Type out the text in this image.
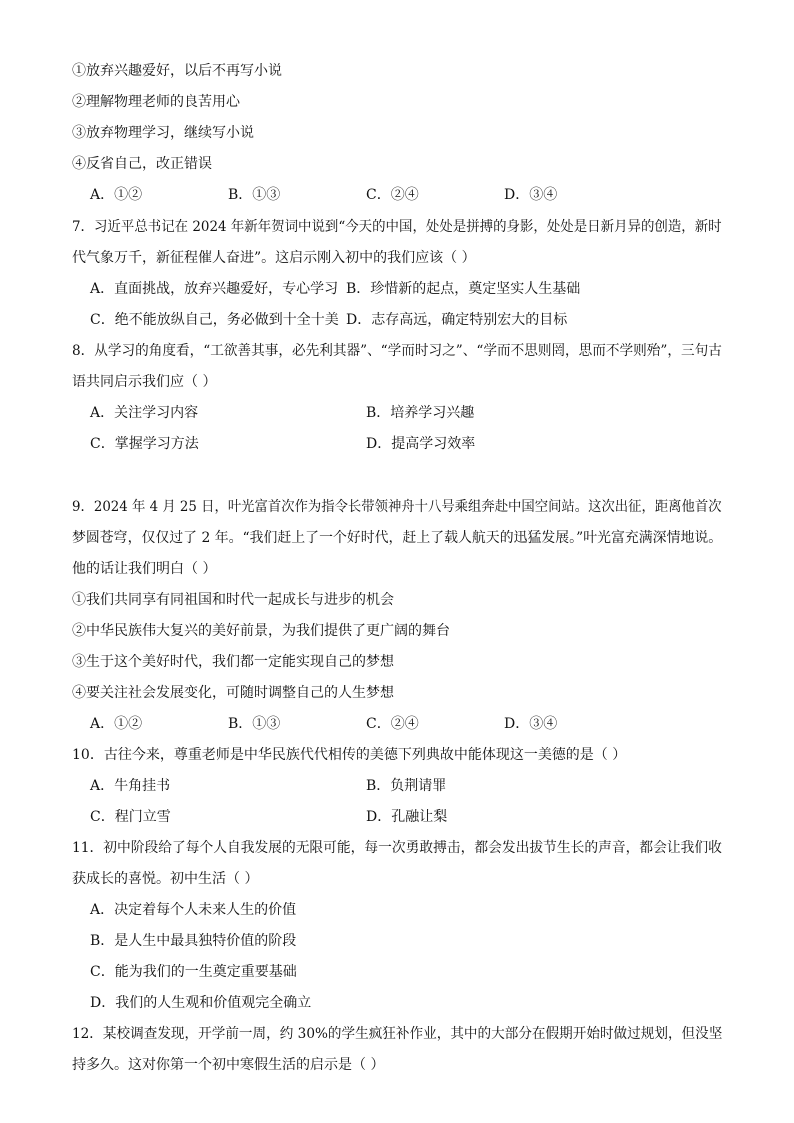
①放弃兴趣爱好，以后不再写小说
②理解物理老师的良苦用心
③放弃物理学习，继续写小说
④反省自己，改正错误
A．①②	B．①③	C．②④	D．③④
7．习近平总书记在 2024 年新年贺词中说到“今天的中国，处处是拼搏的身影，处处是日新月异的创造，新时
代气象万千，新征程催人奋进”。这启示刚入初中的我们应该（ ）
A．直面挑战，放弃兴趣爱好，专心学习 B．珍惜新的起点，奠定坚实人生基础
C．绝不能放纵自己，务必做到十全十美 D．志存高远，确定特别宏大的目标
8．从学习的角度看，“工欲善其事，必先利其器”、“学而时习之”、“学而不思则罔，思而不学则殆”，三句古
语共同启示我们应（ ）
A．关注学习内容	B．培养学习兴趣
C．掌握学习方法	D．提高学习效率
9．2024 年 4 月 25 日，叶光富首次作为指令长带领神舟十八号乘组奔赴中国空间站。这次出征，距离他首次
梦圆苍穹，仅仅过了 2 年。“我们赶上了一个好时代，赶上了载人航天的迅猛发展。”叶光富充满深情地说。
他的话让我们明白（ ）
①我们共同享有同祖国和时代一起成长与进步的机会
②中华民族伟大复兴的美好前景，为我们提供了更广阔的舞台
③生于这个美好时代，我们都一定能实现自己的梦想
④要关注社会发展变化，可随时调整自己的人生梦想
A．①②	B．①③	C．②④	D．③④
10．古往今来，尊重老师是中华民族代代相传的美德下列典故中能体现这一美德的是（ ）
A．牛角挂书	B．负荆请罪
C．程门立雪	D．孔融让梨
11．初中阶段给了每个人自我发展的无限可能，每一次勇敢搏击，都会发出拔节生长的声音，都会让我们收
获成长的喜悦。初中生活（ ）
A．决定着每个人未来人生的价值
B．是人生中最具独特价值的阶段
C．能为我们的一生奠定重要基础
D．我们的人生观和价值观完全确立
12．某校调查发现，开学前一周，约 30%的学生疯狂补作业，其中的大部分在假期开始时做过规划，但没坚
持多久。这对你第一个初中寒假生活的启示是（ ）
